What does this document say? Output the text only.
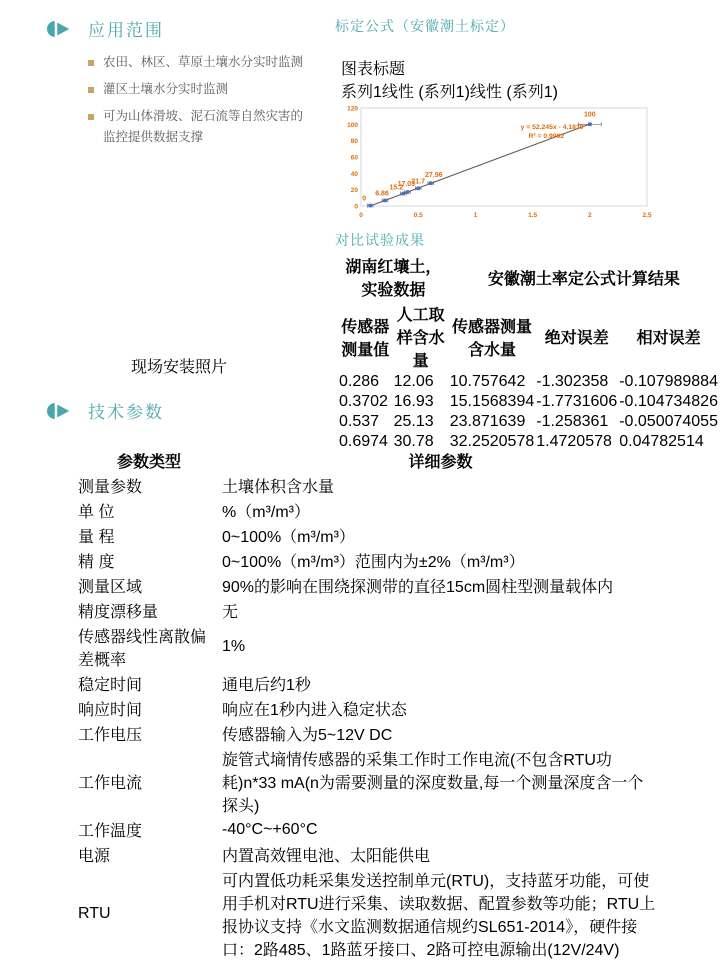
应用范围
农田、林区、草原土壤水分实时监测
灌区土壤水分实时监测
可为山体滑坡、泥石流等自然灾害的监控提供数据支撑
现场安装照片
标定公式（安徽潮土标定）
图表标题
系列1线性 (系列1)线性 (系列1)
0
20
40
60
80
100
120
0	0.5	1	1.5	2	2.5
0
6.86
15.2
17.03
21.7
27.96
100
y = 52.245x - 4.1839
R² = 0.9992
对比试验成果
湖南红壤土，实验数据		安徽潮土率定公式计算结果		
传感器测量值	人工取样含水量	传感器测量含水量	绝对误差	相对误差
0.286	12.06	10.757642	-1.302358	-0.107989884
0.3702	16.93	15.1568394	-1.7731606	-0.104734826
0.537	25.13	23.871639	-1.258361	-0.050074055
0.6974	30.78	32.2520578	1.4720578	0.04782514
技术参数
参数类型	详细参数
测量参数	土壤体积含水量
单 位	%（m³/m³）
量 程	0~100%（m³/m³）
精 度	0~100%（m³/m³）范围内为±2%（m³/m³）
测量区域	90%的影响在围绕探测带的直径15cm圆柱型测量载体内
精度漂移量	无
传感器线性离散偏差概率	1%
稳定时间	通电后约1秒
响应时间	响应在1秒内进入稳定状态
工作电压	传感器输入为5~12V DC
工作电流	旋管式墒情传感器的采集工作时工作电流(不包含RTU功耗)n*33 mA(n为需要测量的深度数量,每一个测量深度含一个探头)
工作温度	-40°C~+60°C
电源	内置高效锂电池、太阳能供电
RTU	可内置低功耗采集发送控制单元(RTU)，支持蓝牙功能，可使用手机对RTU进行采集、读取数据、配置参数等功能；RTU上报协议支持《水文监测数据通信规约SL651-2014》，硬件接口：2路485、1路蓝牙接口、2路可控电源输出(12V/24V)
